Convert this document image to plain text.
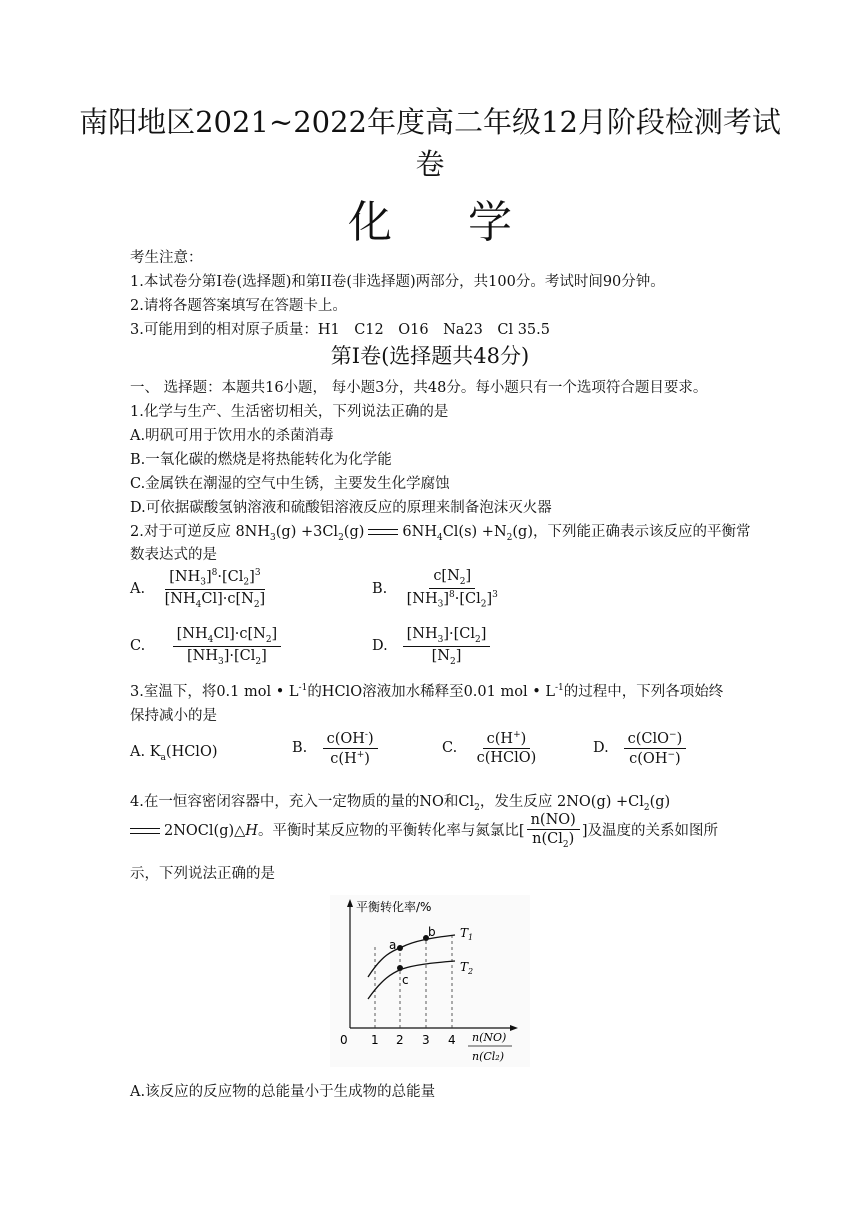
南阳地区2021~2022年度高二年级12月阶段检测考试
卷
化 学
考生注意：
1.本试卷分第I卷(选择题)和第II卷(非选择题)两部分，共100分。考试时间90分钟。
2.请将各题答案填写在答题卡上。
3.可能用到的相对原子质量：H1　C12　O16　Na23　Cl 35.5
第I卷(选择题共48分)
一、 选择题：本题共16小题， 每小题3分，共48分。每小题只有一个选项符合题目要求。
1.化学与生产、生活密切相关，下列说法正确的是
A.明矾可用于饮用水的杀菌消毒
B.一氧化碳的燃烧是将热能转化为化学能
C.金属铁在潮湿的空气中生锈，主要发生化学腐蚀
D.可依据碳酸氢钠溶液和硫酸铝溶液反应的原理来制备泡沫灭火器
2.对于可逆反应 $8NH_3(g) +3Cl_2(g)$	$6NH_4Cl(s) +N_2(g)$，下列能正确表示该反应的平衡常
数表达式的是
A. $\frac{[NH_3]^8\cdot[Cl_2]^3}{[NH_4Cl]\cdot c[N_2]}$	B. $\frac{c[N_2]}{[NH_3]^8\cdot[Cl_2]^3}$
C. $\frac{[NH_4Cl]\cdot c[N_2]}{[NH_3]\cdot[Cl_2]}$	D. $\frac{[NH_3]\cdot[Cl_2]}{[N_2]}$
3.室温下，将0.1 mol • $L^{-1}$的HClO溶液加水稀释至0.01 mol • $L^{-1}$的过程中，下列各项始终
保持减小的是
A. $K_a(HClO)$	B. $\frac{c(OH^-)}{c(H^+)}$	C. $\frac{c(H^+)}{\text{c(HClO)}}$	D. $\frac{c(ClO^-)}{c(OH^-)}$
4.在一恒容密闭容器中，充入一定物质的量的NO和$Cl_2$，发生反应 $2NO(g) +Cl_2(g)$
2NOCl(g)△H。平衡时某反应物的平衡转化率与氮氯比[ $\frac{n(NO)}{n(Cl_2)}$ ]及温度的关系如图所
示，下列说法正确的是
平衡转化率/%
a
b
c
$T_1$
$T_2$
0 1 2 3 4 n(NO)
n(Cl₂)
A.该反应的反应物的总能量小于生成物的总能量
